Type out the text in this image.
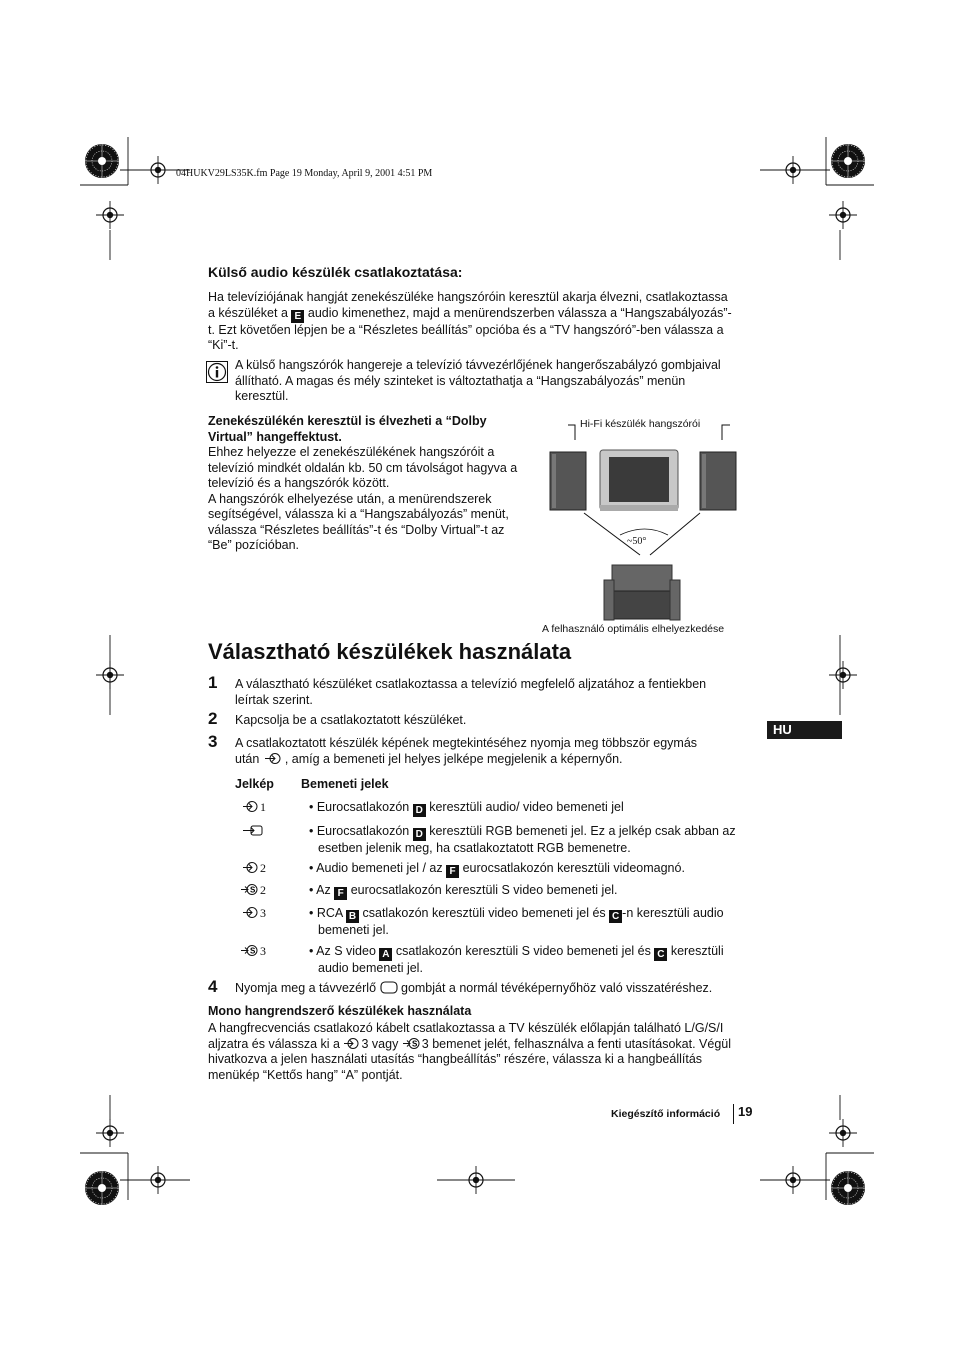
04HUKV29LS35K.fm Page 19 Monday, April 9, 2001 4:51 PM
Külső audio készülék csatlakoztatása:
Ha televíziójának hangját zenekészüléke hangszóróin keresztül akarja élvezni, csatlakoztassa
a készüléket a E audio kimenethez, majd a menürendszerben válassza a “Hangszabályozás”-
t. Ezt követően lépjen be a “Részletes beállítás” opcióba és a “TV hangszóró”-ben válassza a
“Ki”-t.
A külső hangszórók hangereje a televízió távvezérlőjének hangerőszabályzó gombjaival
állítható. A magas és mély szinteket is változtathatja a “Hangszabályozás” menün
keresztül.
Zenekészülékén keresztül is élvezheti a “Dolby
Virtual” hangeffektust.
Ehhez helyezze el zenekészülékének hangszóróit a
televízió mindkét oldalán kb. 50 cm távolságot hagyva a
televízió és a hangszórók között.
A hangszórók elhelyezése után, a menürendszerek
segítségével, válassza ki a “Hangszabályozás” menüt,
válassza “Részletes beállítás”-t és “Dolby Virtual”-t az
“Be” pozícióban.
Hi-Fi készülék hangszórói
~50°
A felhasználó optimális elhelyezkedése
Választható készülékek használata
1 A választható készüléket csatlakoztassa a televízió megfelelő aljzatához a fentiekben
leírtak szerint.
2 Kapcsolja be a csatlakoztatott készüléket.
3 A csatlakoztatott készülék képének megtekintéséhez nyomja meg többször egymás
után , amíg a bemeneti jel helyes jelképe megjelenik a képernyőn.
Jelkép Bemeneti jelek
1	• Eurocsatlakozón D keresztüli audio/ video bemeneti jel
• Eurocsatlakozón D keresztüli RGB bemeneti jel. Ez a jelkép csak abban az
esetben jelenik meg, ha csatlakoztatott RGB bemenetre.
2	• Audio bemeneti jel / az F eurocsatlakozón keresztüli videomagnó.
S 2	• Az F eurocsatlakozón keresztüli S video bemeneti jel.
3	• RCA B csatlakozón keresztüli video bemeneti jel és C -n keresztüli audio
bemeneti jel.
S 3	• Az S video A csatlakozón keresztüli S video bemeneti jel és C keresztüli
audio bemeneti jel.
4 Nyomja meg a távvezérlő  gombját a normál tévéképernyőhöz való visszatéréshez.
Mono hangrendszerő készülékek használata
A hangfrecvenciás csatlakozó kábelt csatlakoztassa a TV készülék előlapján található L/G/S/I
aljzatra és válassza ki a 3 vagy S 3 bemenet jelét, felhasználva a fenti utasításokat. Végül
hivatkozva a jelen használati utasítás “hangbeállítás” részére, válassza ki a hangbeállítás
menükép “Kettős hang” “A” pontját.
HU
Kiegészítő információ 19
